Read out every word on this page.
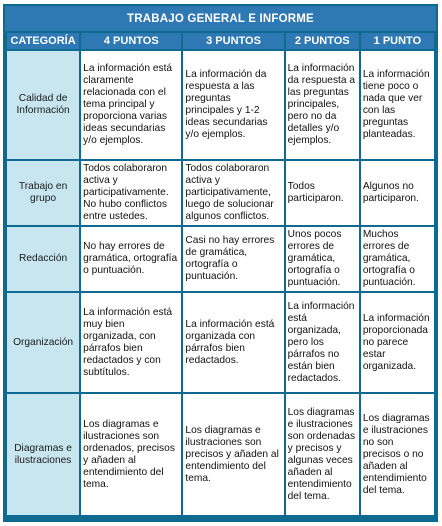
TRABAJO GENERAL E INFORME
CATEGORÍA	4 PUNTOS	3 PUNTOS	2 PUNTOS	1 PUNTO
Calidad de Información	La información está claramente relacionada con el tema principal y proporciona varias ideas secundarias y/o ejemplos.	La información da respuesta a las preguntas principales y 1-2 ideas secundarias y/o ejemplos.	La información da respuesta a las preguntas principales, pero no da detalles y/o ejemplos.	La información tiene poco o nada que ver con las preguntas planteadas.
Trabajo en grupo	Todos colaboraron activa y participativamente. No hubo conflictos entre ustedes.	Todos colaboraron activa y participativamente, luego de solucionar algunos conflictos.	Todos participaron.	Algunos no participaron.
Redacción	No hay errores de gramática, ortografía o puntuación.	Casi no hay errores de gramática, ortografía o puntuación.	Unos pocos errores de gramática, ortografía o puntuación.	Muchos errores de gramática, ortografía o puntuación.
Organización	La información está muy bien organizada, con párrafos bien redactados y con subtítulos.	La información está organizada con párrafos bien redactados.	La información está organizada, pero los párrafos no están bien redactados.	La información proporcionada no parece estar organizada.
Diagramas e ilustraciones	Los diagramas e ilustraciones son ordenados, precisos y añaden al entendimiento del tema.	Los diagramas e ilustraciones son precisos y añaden al entendimiento del tema.	Los diagramas e ilustraciones son ordenadas y precisos y algunas veces añaden al entendimiento del tema.	Los diagramas e ilustraciones no son precisos o no añaden al entendimiento del tema.
